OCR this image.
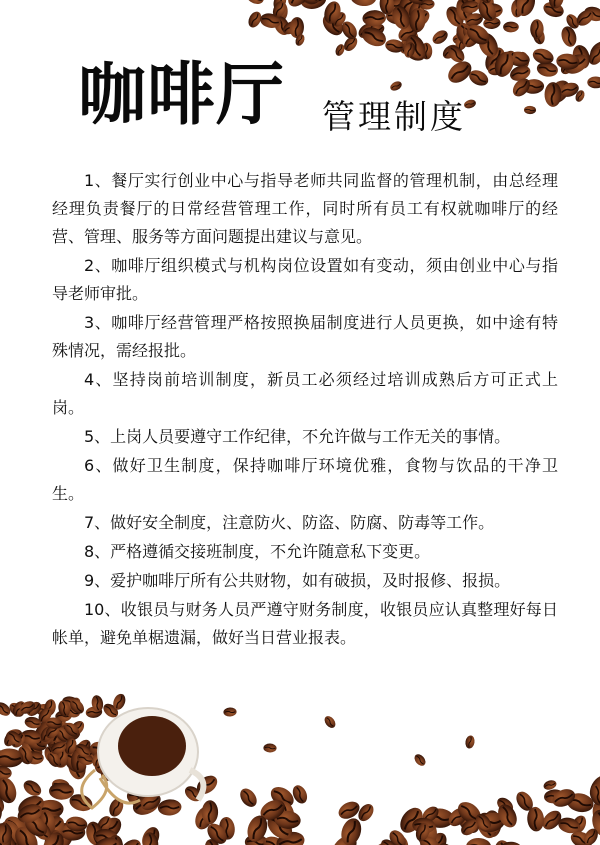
咖啡厅 管理制度
1、餐厅实行创业中心与指导老师共同监督的管理机制，由总经理经理负责餐厅的日常经营管理工作，同时所有员工有权就咖啡厅的经营、管理、服务等方面问题提出建议与意见。
2、咖啡厅组织模式与机构岗位设置如有变动，须由创业中心与指导老师审批。
3、咖啡厅经营管理严格按照换届制度进行人员更换，如中途有特殊情况，需经报批。
4、坚持岗前培训制度，新员工必须经过培训成熟后方可正式上岗。
5、上岗人员要遵守工作纪律，不允许做与工作无关的事情。
6、做好卫生制度，保持咖啡厅环境优雅，食物与饮品的干净卫生。
7、做好安全制度，注意防火、防盗、防腐、防毒等工作。
8、严格遵循交接班制度，不允许随意私下变更。
9、爱护咖啡厅所有公共财物，如有破损，及时报修、报损。
10、收银员与财务人员严遵守财务制度，收银员应认真整理好每日帐单，避免单椐遗漏，做好当日营业报表。
